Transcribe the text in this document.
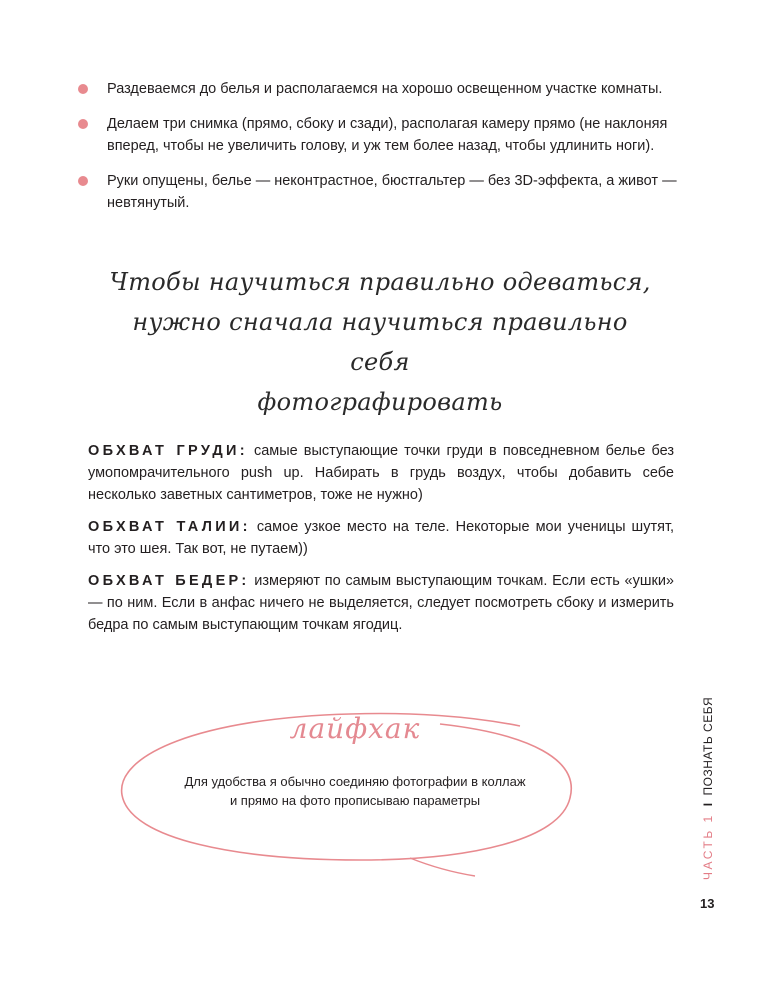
Раздеваемся до белья и располагаемся на хорошо освещенном участке комнаты.
Делаем три снимка (прямо, сбоку и сзади), располагая камеру прямо (не наклоняя вперед, чтобы не увеличить голову, и уж тем более назад, чтобы удлинить ноги).
Руки опущены, белье — неконтрастное, бюстгальтер — без 3D-эффекта, а живот — невтянутый.
Чтобы научиться правильно одеваться,
нужно сначала научиться правильно себя
фотографировать
ОБХВАТ ГРУДИ: самые выступающие точки груди в повседневном белье без умопомрачительного push up. Набирать в грудь воздух, чтобы добавить себе несколько заветных сантиметров, тоже не нужно)
ОБХВАТ ТАЛИИ: самое узкое место на теле. Некоторые мои ученицы шутят, что это шея. Так вот, не путаем))
ОБХВАТ БЕДЕР: измеряют по самым выступающим точкам. Если есть «ушки» — по ним. Если в анфас ничего не выделяется, следует посмотреть сбоку и измерить бедра по самым выступающим точкам ягодиц.
лайфхак
Для удобства я обычно соединяю фотографии в коллаж
и прямо на фото прописываю параметры
ЧАСТЬ 1IПОЗНАТЬ СЕБЯ
13
